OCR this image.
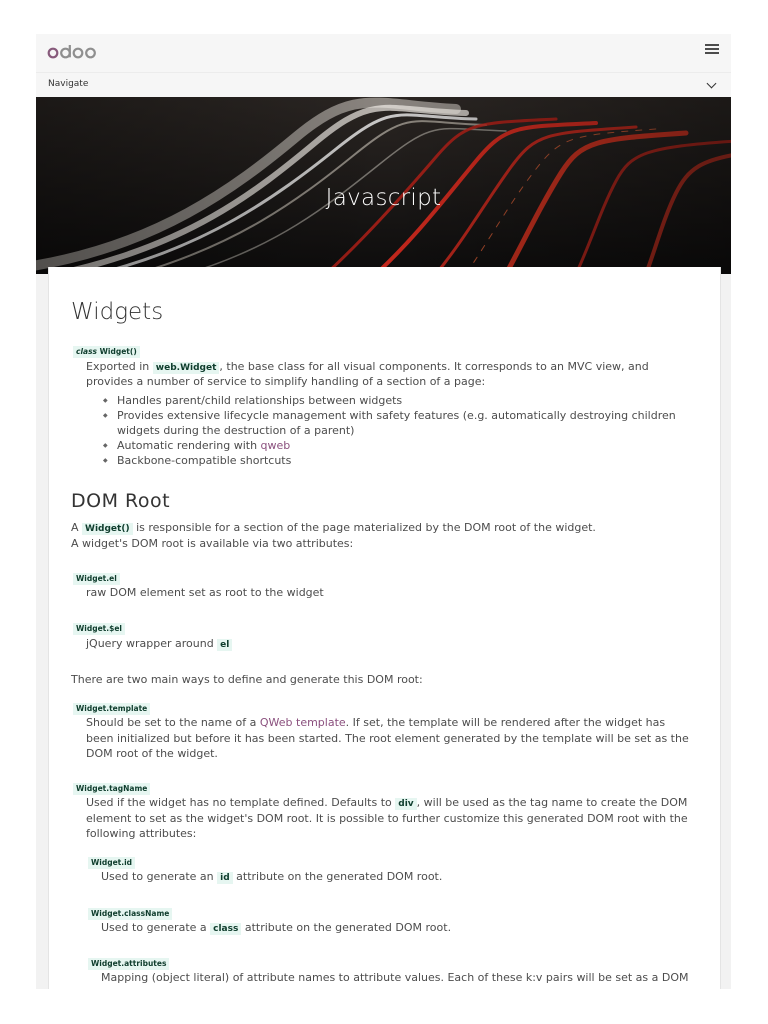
Navigate
Javascript
Widgets
class Widget()

Exported in web.Widget , the base class for all visual components. It corresponds to an MVC view, and

provides a number of service to simplify handling of a section of a page:

◆ Handles parent/child relationships between widgets
◆ Provides extensive lifecycle management with safety features (e.g. automatically destroying children
widgets during the destruction of a parent)
◆ Automatic rendering with qweb
◆ Backbone-compatible shortcuts
DOM Root

A Widget() is responsible for a section of the page materialized by the DOM root of the widget.

A widget's DOM root is available via two attributes:

Widget.el

raw DOM element set as root to the widget

Widget.$el

jQuery wrapper around el

There are two main ways to define and generate this DOM root:

Widget.template

Should be set to the name of a QWeb template. If set, the template will be rendered after the widget has

been initialized but before it has been started. The root element generated by the template will be set as the

DOM root of the widget.

Widget.tagName

Used if the widget has no template defined. Defaults to div , will be used as the tag name to create the DOM

element to set as the widget's DOM root. It is possible to further customize this generated DOM root with the

following attributes:

Widget.id

Used to generate an id attribute on the generated DOM root.

Widget.className

Used to generate a class attribute on the generated DOM root.

Widget.attributes

Mapping (object literal) of attribute names to attribute values. Each of these k:v pairs will be set as a DOM
